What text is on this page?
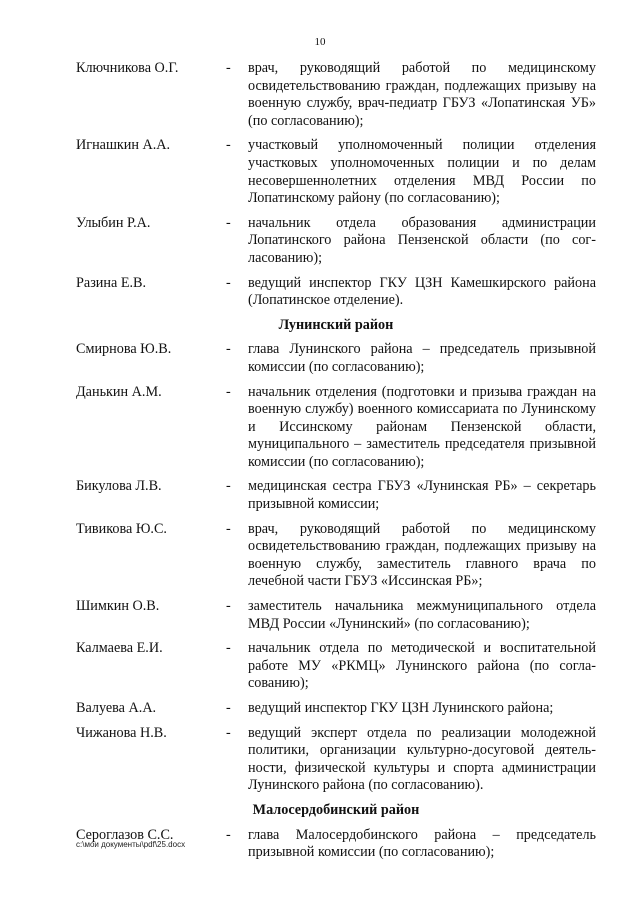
10
Ключникова О.Г.	-	врач, руководящий работой по медицинскому освидетельствованию граждан, подлежащих призыву на военную службу, врач-педиатр ГБУЗ «Лопатинская УБ» (по согласованию);
Игнашкин А.А.	-	участковый уполномоченный полиции отделения участковых уполномоченных полиции и по делам несовершеннолетних отделения МВД России по Лопатинскому району (по согласованию);
Улыбин Р.А.	-	начальник отдела образования администрации Лопатинского района Пензенской области (по согласованию);
Разина Е.В.	-	ведущий инспектор ГКУ ЦЗН Камешкирского района (Лопатинское отделение).
Лунинский район
Смирнова Ю.В.	-	глава Лунинского района – председатель призывной комиссии (по согласованию);
Данькин А.М.	-	начальник отделения (подготовки и призыва граждан на военную службу) военного комиссариата по Лунинскому и Иссинскому районам Пензенской области, муниципального – заместитель председателя призывной комиссии (по согласованию);
Бикулова Л.В.	-	медицинская сестра ГБУЗ «Лунинская РБ» – секретарь призывной комиссии;
Тивикова Ю.С.	-	врач, руководящий работой по медицинскому освидетельствованию граждан, подлежащих призыву на военную службу, заместитель главного врача по лечебной части ГБУЗ «Иссинская РБ»;
Шимкин О.В.	-	заместитель начальника межмуниципального отдела МВД России «Лунинский» (по согласованию);
Калмаева Е.И.	-	начальник отдела по методической и воспитательной работе МУ «РКМЦ» Лунинского района (по согласованию);
Валуева А.А.	-	ведущий инспектор ГКУ ЦЗН Лунинского района;
Чижанова Н.В.	-	ведущий эксперт отдела по реализации молодежной политики, организации культурно-досуговой деятельности, физической культуры и спорта администрации Лунинского района (по согласованию).
Малосердобинский район
Сероглазов С.С.	-	глава Малосердобинского района – председатель призывной комиссии (по согласованию);
c:\мои документы\pdf\25.docx
